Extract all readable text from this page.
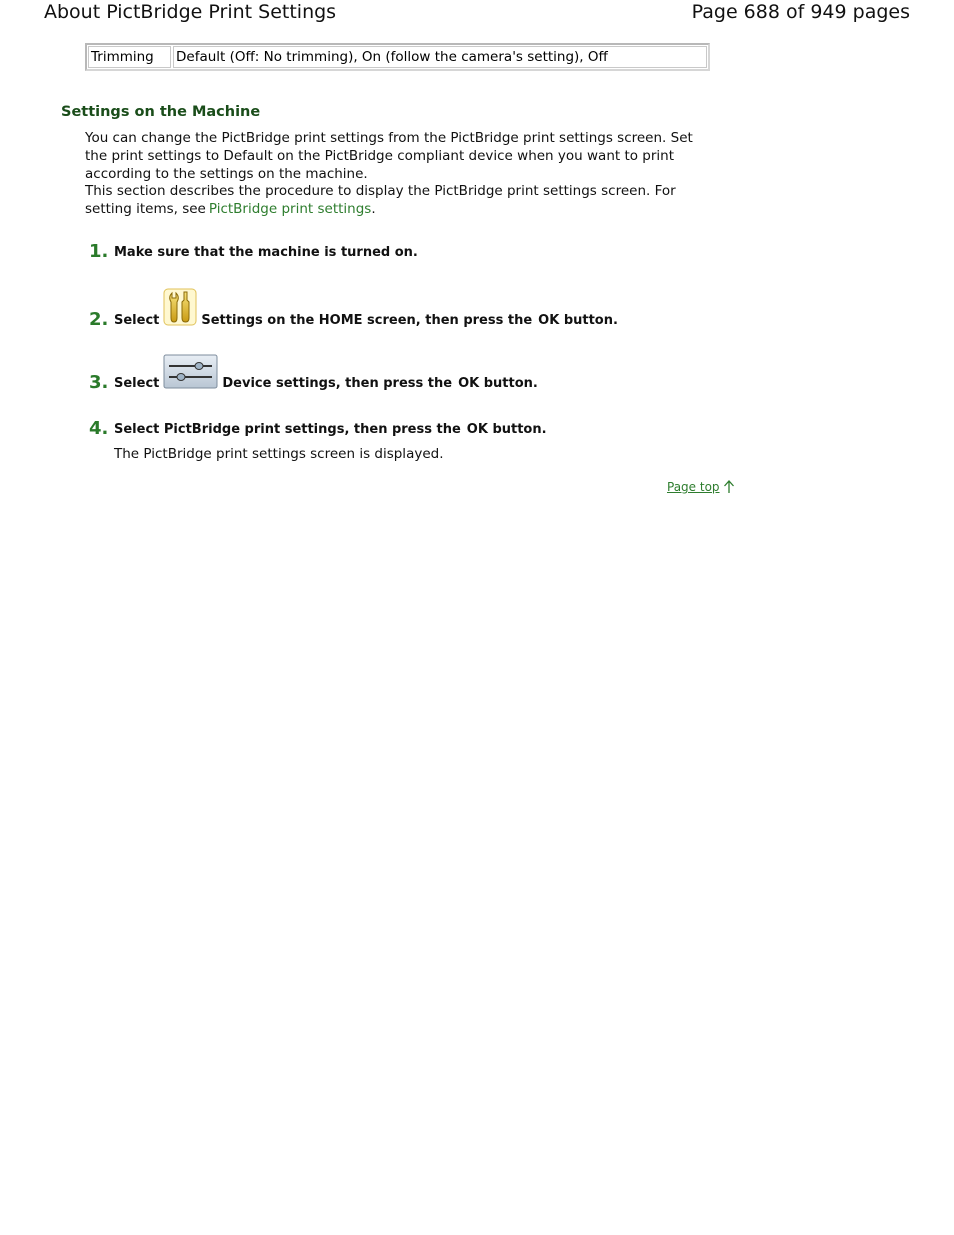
About PictBridge Print Settings	Page 688 of 949 pages
Trimming	Default (Off: No trimming), On (follow the camera's setting), Off
Settings on the Machine
You can change the PictBridge print settings from the PictBridge print settings screen. Set the print settings to Default on the PictBridge compliant device when you want to print according to the settings on the machine.
This section describes the procedure to display the PictBridge print settings screen. For setting items, see PictBridge print settings.
1. Make sure that the machine is turned on.
2. Select	Settings on the HOME screen, then press the OK button.
3. Select	Device settings, then press the OK button.
4. Select PictBridge print settings, then press the OK button.
The PictBridge print settings screen is displayed.
Page top
